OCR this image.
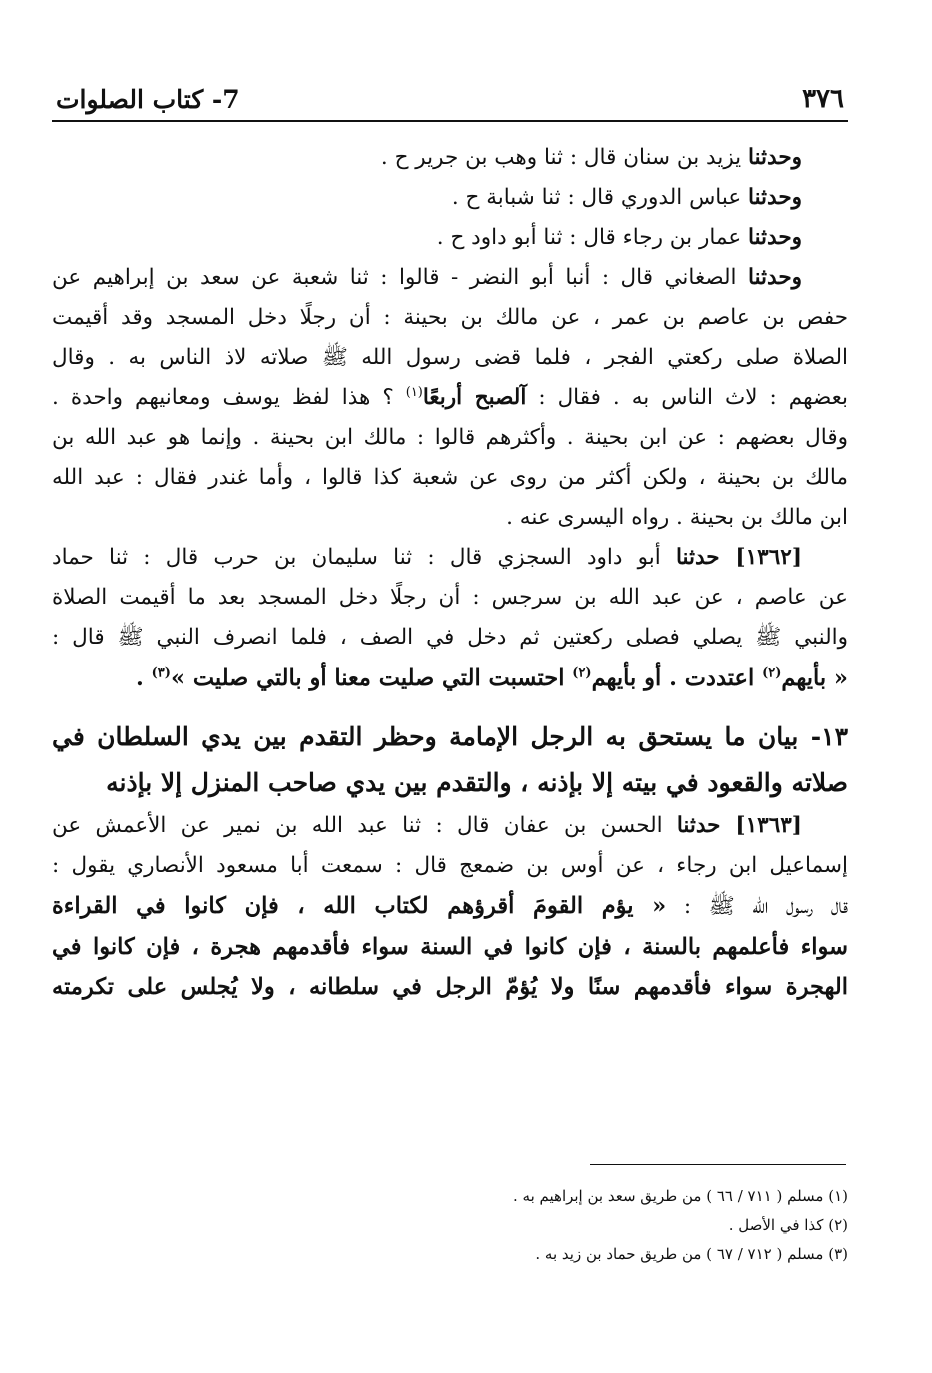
٣٧٦
7- كتاب الصلوات
وحدثنا يزيد بن سنان قال : ثنا وهب بن جرير ح .
وحدثنا عباس الدوري قال : ثنا شبابة ح .
وحدثنا عمار بن رجاء قال : ثنا أبو داود ح .
وحدثنا الصغاني قال : أنبا أبو النضر - قالوا : ثنا شعبة عن سعد بن إبراهيم عن
حفص بن عاصم بن عمر ، عن مالك بن بحينة : أن رجلًا دخل المسجد وقد أقيمت
الصلاة صلى ركعتي الفجر ، فلما قضى رسول الله ﷺ صلاته لاذ الناس به . وقال
بعضهم : لاث الناس به . فقال : آلصبح أربعًا$^{(١)}$ ؟ هذا لفظ يوسف ومعانيهم واحدة .
وقال بعضهم : عن ابن بحينة . وأكثرهم قالوا : مالك ابن بحينة . وإنما هو عبد الله بن
مالك بن بحينة ، ولكن أكثر من روى عن شعبة كذا قالوا ، وأما غندر فقال : عبد الله
ابن مالك بن بحينة . رواه اليسرى عنه .
[١٣٦٢] حدثنا أبو داود السجزي قال : ثنا سليمان بن حرب قال : ثنا حماد
عن عاصم ، عن عبد الله بن سرجس : أن رجلًا دخل المسجد بعد ما أقيمت الصلاة
والنبي ﷺ يصلي فصلى ركعتين ثم دخل في الصف ، فلما انصرف النبي ﷺ قال :
« بأيهم$^{(٢)}$ اعتددت . أو بأيهم$^{(٢)}$ احتسبت التي صليت معنا أو بالتي صليت »$^{(٣)}$ .
١٣- بيان ما يستحق به الرجل الإمامة وحظر التقدم بين يدي السلطان في
صلاته والقعود في بيته إلا بإذنه ، والتقدم بين يدي صاحب المنزل إلا بإذنه
[١٣٦٣] حدثنا الحسن بن عفان قال : ثنا عبد الله بن نمير عن الأعمش عن
إسماعيل ابن رجاء ، عن أوس بن ضمعج قال : سمعت أبا مسعود الأنصاري يقول :
قال رسول الله ﷺ : « يؤم القومَ أقرؤهم لكتاب الله ، فإن كانوا في القراءة
سواء فأعلمهم بالسنة ، فإن كانوا في السنة سواء فأقدمهم هجرة ، فإن كانوا في
الهجرة سواء فأقدمهم سنًا ولا يُؤمّ الرجل في سلطانه ، ولا يُجلس على تكرمته
(١) مسلم ( ٧١١ / ٦٦ ) من طريق سعد بن إبراهيم به .
(٢) كذا في الأصل .
(٣) مسلم ( ٧١٢ / ٦٧ ) من طريق حماد بن زيد به .
